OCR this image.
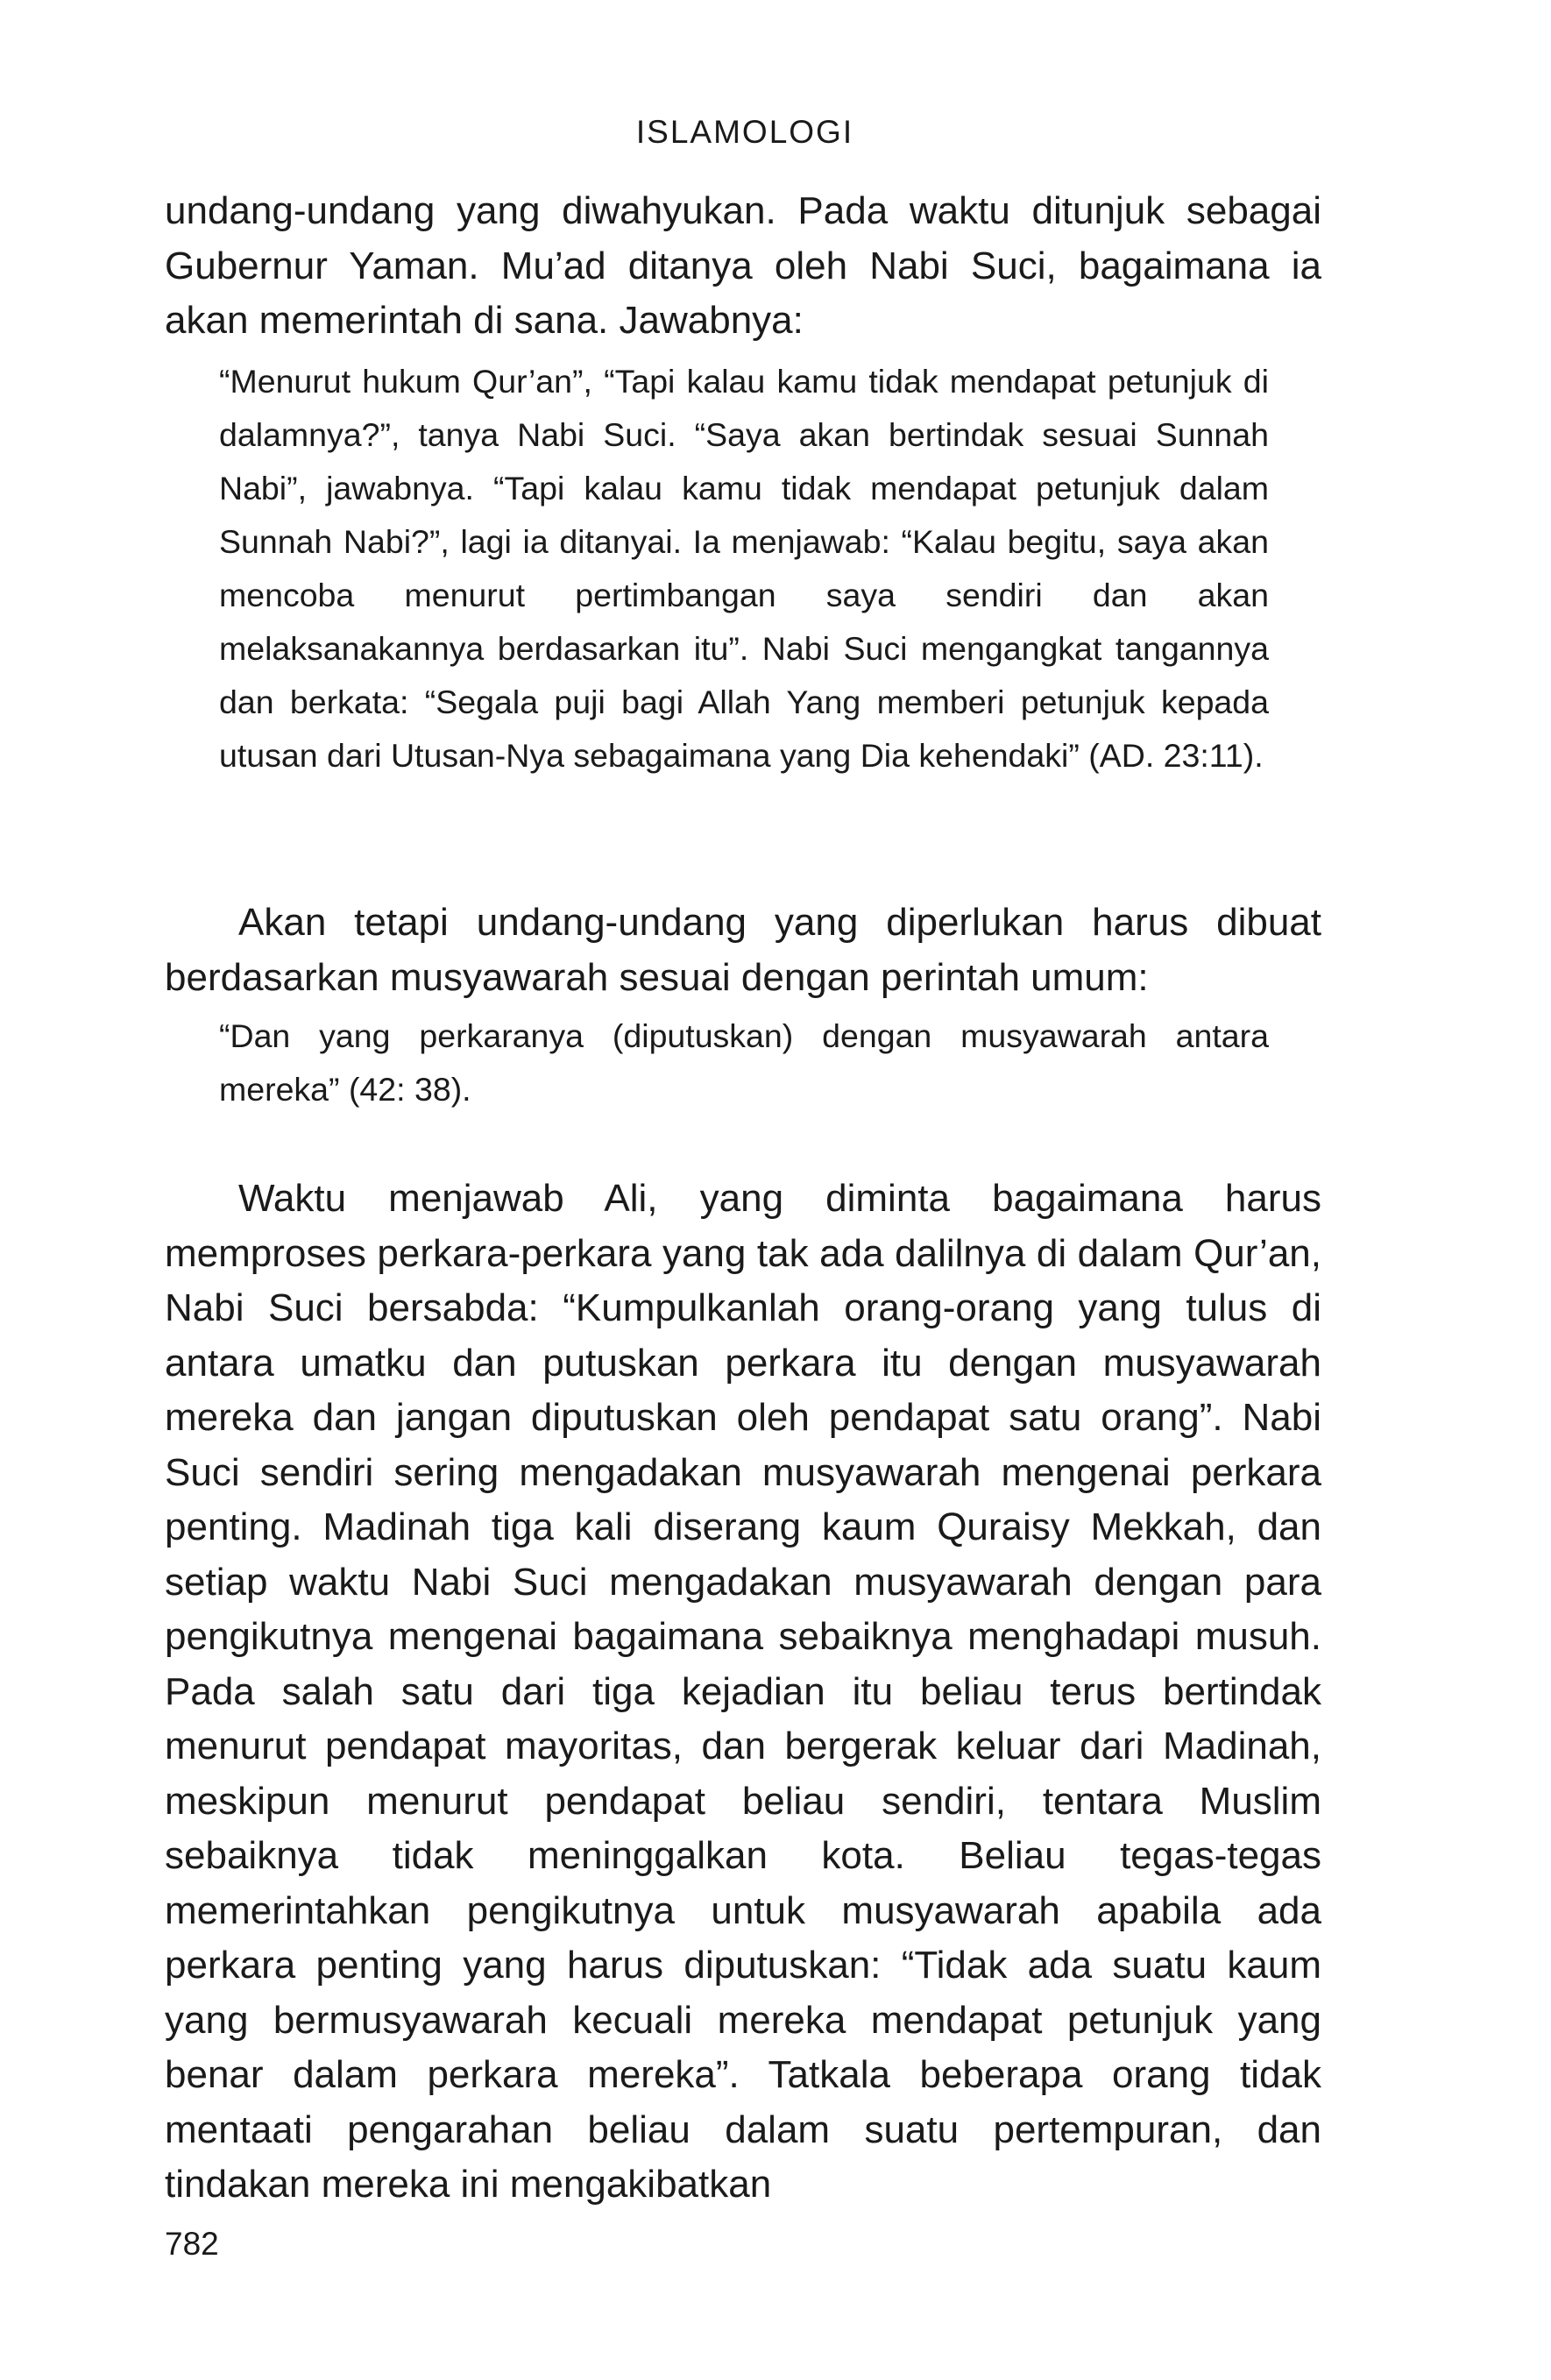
ISLAMOLOGI

undang-undang yang diwahyukan. Pada waktu ditunjuk sebagai Gubernur Yaman. Mu’ad ditanya oleh Nabi Suci, bagaimana ia akan memerintah di sana. Jawabnya:

“Menurut hukum Qur’an”, “Tapi kalau kamu tidak mendapat petunjuk di dalamnya?”, tanya Nabi Suci. “Saya akan bertindak sesuai Sunnah Nabi”, jawabnya. “Tapi kalau kamu tidak mendapat petunjuk dalam Sunnah Nabi?”, lagi ia ditanyai. Ia menjawab: “Kalau begitu, saya akan mencoba menurut pertimbangan saya sendiri dan akan melaksanakannya berdasarkan itu”. Nabi Suci mengangkat tangannya dan berkata: “Segala puji bagi Allah Yang memberi petunjuk kepada utusan dari Utusan-Nya sebagaimana yang Dia kehendaki” (AD. 23:11).

Akan tetapi undang-undang yang diperlukan harus dibuat berdasarkan musyawarah sesuai dengan perintah umum:

“Dan yang perkaranya (diputuskan) dengan musyawarah antara mereka” (42: 38).

Waktu menjawab Ali, yang diminta bagaimana harus memproses perkara-perkara yang tak ada dalilnya di dalam Qur’an, Nabi Suci bersabda: “Kumpulkanlah orang-orang yang tulus di antara umatku dan putuskan perkara itu dengan musyawarah mereka dan jangan diputuskan oleh pendapat satu orang”. Nabi Suci sendiri sering mengadakan musyawarah mengenai perkara penting. Madinah tiga kali diserang kaum Quraisy Mekkah, dan setiap waktu Nabi Suci mengadakan musyawarah dengan para pengikutnya mengenai bagaimana sebaiknya menghadapi musuh. Pada salah satu dari tiga kejadian itu beliau terus bertindak menurut pendapat mayoritas, dan bergerak keluar dari Madinah, meskipun menurut pendapat beliau sendiri, tentara Muslim sebaiknya tidak meninggalkan kota. Beliau tegas-tegas memerintahkan pengikutnya untuk musyawarah apabila ada perkara penting yang harus diputuskan: “Tidak ada suatu kaum yang bermusyawarah kecuali mereka mendapat petunjuk yang benar dalam perkara mereka”. Tatkala beberapa orang tidak mentaati pengarahan beliau dalam suatu pertempuran, dan tindakan mereka ini mengakibatkan

782
